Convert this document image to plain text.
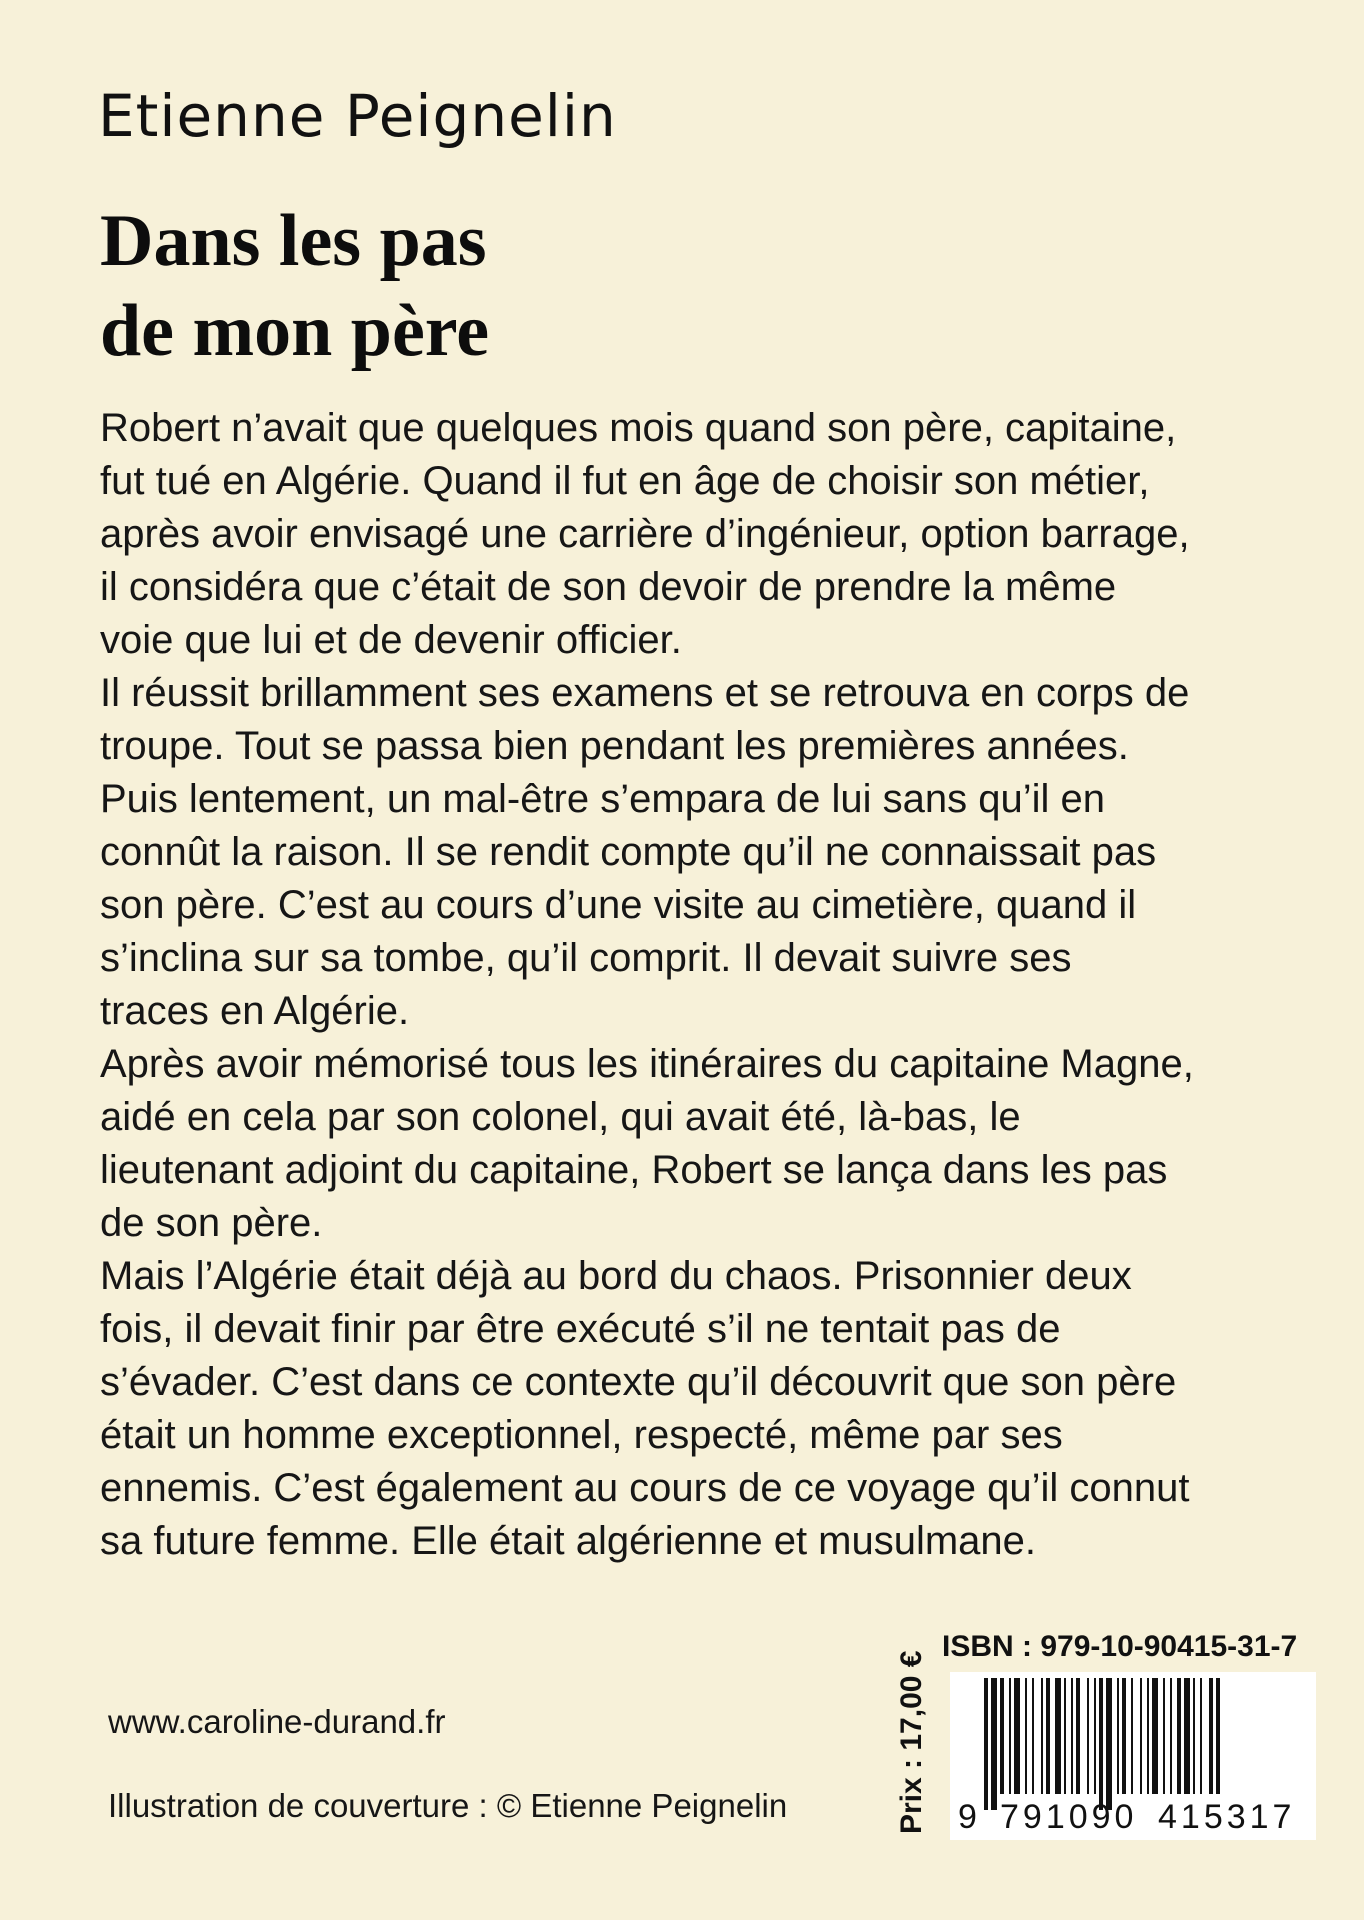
Etienne Peignelin
Dans les pas
de mon père
Robert n’avait que quelques mois quand son père, capitaine,
fut tué en Algérie. Quand il fut en âge de choisir son métier,
après avoir envisagé une carrière d’ingénieur, option barrage,
il considéra que c’était de son devoir de prendre la même
voie que lui et de devenir officier.
Il réussit brillamment ses examens et se retrouva en corps de
troupe. Tout se passa bien pendant les premières années.
Puis lentement, un mal-être s’empara de lui sans qu’il en
connût la raison. Il se rendit compte qu’il ne connaissait pas
son père. C’est au cours d’une visite au cimetière, quand il
s’inclina sur sa tombe, qu’il comprit. Il devait suivre ses
traces en Algérie.
Après avoir mémorisé tous les itinéraires du capitaine Magne,
aidé en cela par son colonel, qui avait été, là-bas, le
lieutenant adjoint du capitaine, Robert se lança dans les pas
de son père.
Mais l’Algérie était déjà au bord du chaos. Prisonnier deux
fois, il devait finir par être exécuté s’il ne tentait pas de
s’évader. C’est dans ce contexte qu’il découvrit que son père
était un homme exceptionnel, respecté, même par ses
ennemis. C’est également au cours de ce voyage qu’il connut
sa future femme. Elle était algérienne et musulmane.
www.caroline-durand.fr
Illustration de couverture : © Etienne Peignelin	Prix : 17,00 €
ISBN : 979-10-90415-31-7
9 791090 415317
